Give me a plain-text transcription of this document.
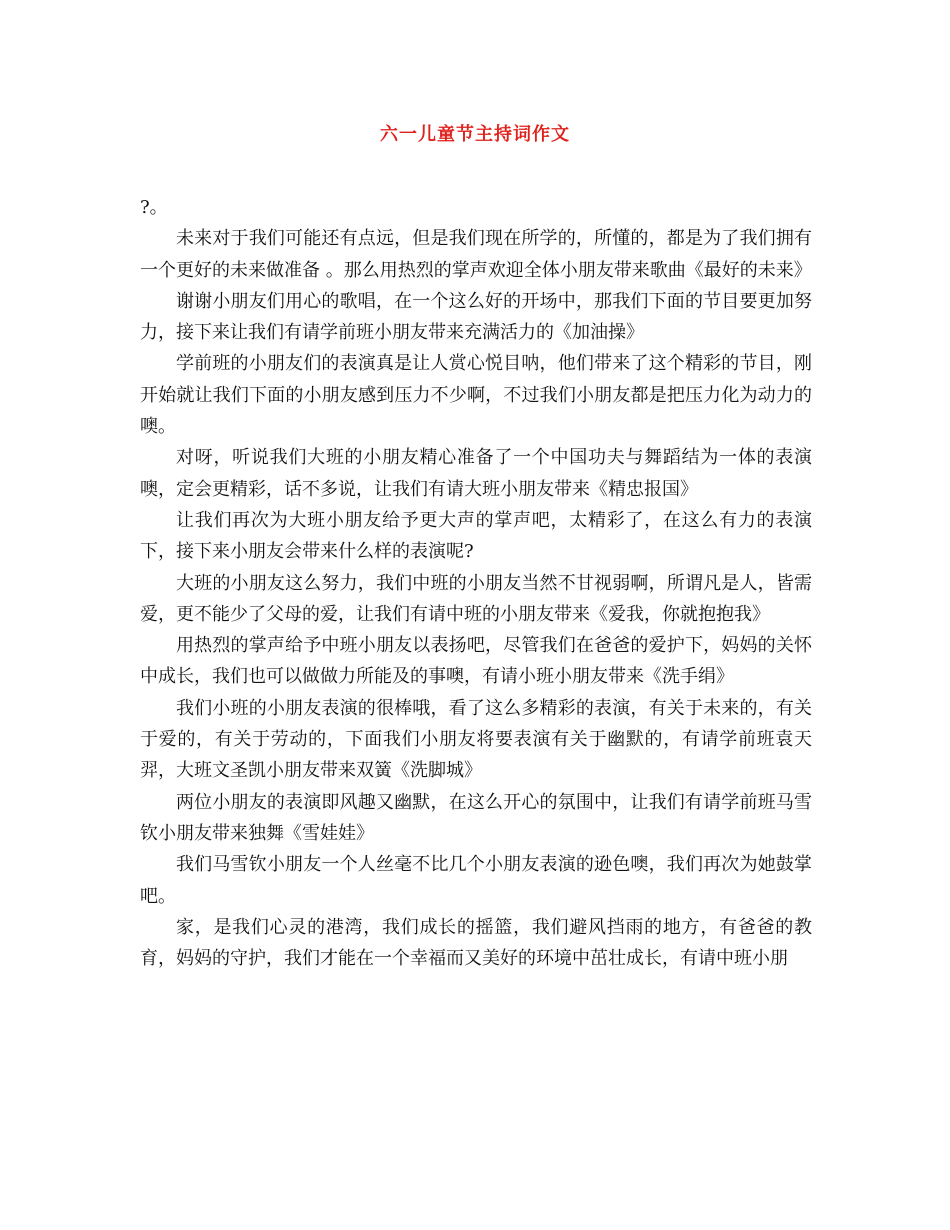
六一儿童节主持词作文

?。

未来对于我们可能还有点远，但是我们现在所学的，所懂的，都是为了我们拥有一个更好的未来做准备 。那么用热烈的掌声欢迎全体小朋友带来歌曲《最好的未来》

谢谢小朋友们用心的歌唱，在一个这么好的开场中，那我们下面的节目要更加努力，接下来让我们有请学前班小朋友带来充满活力的《加油操》

学前班的小朋友们的表演真是让人赏心悦目呐，他们带来了这个精彩的节目，刚开始就让我们下面的小朋友感到压力不少啊，不过我们小朋友都是把压力化为动力的噢。

对呀，听说我们大班的小朋友精心准备了一个中国功夫与舞蹈结为一体的表演噢，定会更精彩，话不多说，让我们有请大班小朋友带来《精忠报国》

让我们再次为大班小朋友给予更大声的掌声吧，太精彩了，在这么有力的表演下，接下来小朋友会带来什么样的表演呢?

大班的小朋友这么努力，我们中班的小朋友当然不甘视弱啊，所谓凡是人，皆需爱，更不能少了父母的爱，让我们有请中班的小朋友带来《爱我，你就抱抱我》

用热烈的掌声给予中班小朋友以表扬吧，尽管我们在爸爸的爱护下，妈妈的关怀中成长，我们也可以做做力所能及的事噢，有请小班小朋友带来《洗手绢》

我们小班的小朋友表演的很棒哦，看了这么多精彩的表演，有关于未来的，有关于爱的，有关于劳动的，下面我们小朋友将要表演有关于幽默的，有请学前班袁天羿，大班文圣凯小朋友带来双簧《洗脚城》

两位小朋友的表演即风趣又幽默，在这么开心的氛围中，让我们有请学前班马雪钦小朋友带来独舞《雪娃娃》

我们马雪钦小朋友一个人丝毫不比几个小朋友表演的逊色噢，我们再次为她鼓掌吧。

家，是我们心灵的港湾，我们成长的摇篮，我们避风挡雨的地方，有爸爸的教育，妈妈的守护，我们才能在一个幸福而又美好的环境中茁壮成长，有请中班小朋
